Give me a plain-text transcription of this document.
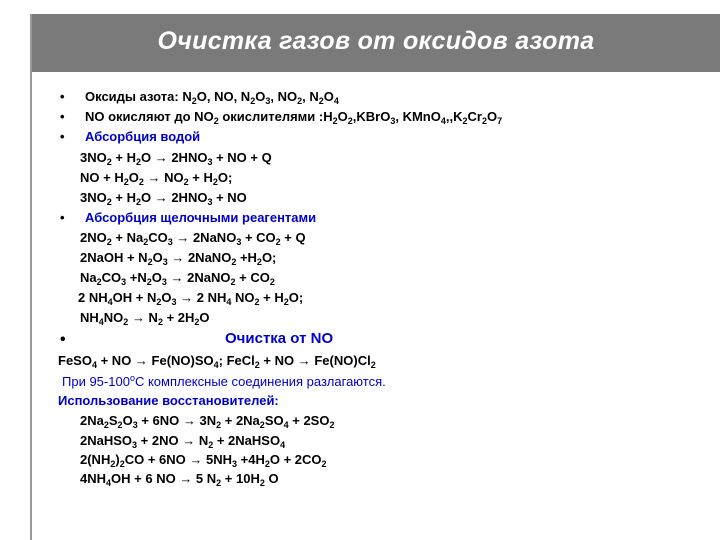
Очистка газов от оксидов азота
• Оксиды азота: $N_2O$, NO, $N_2O_3$, $NO_2$, $N_2O_4$
• NO окисляют до $NO_2$ окислителями $:H_2O_2,KBrO_3$, $KMnO_4,,K_2Cr_2O_7$
• Абсорбция водой
$3NO_2 + H_2O \to 2HNO_3$ + NO + Q
NO + $H_2O_2 \to NO_2 + H_2O$;
$3NO_2 + H_2O \to 2HNO_3$ + NO
• Абсорбция щелочными реагентами
$2NO_2 + Na_2CO_3$ → 2NaNO$_3$ + $CO_2 + Q$
2NaOH + $N_2O_3$ → 2NaNO$_2$ $+H_2O$;
$Na_2CO_3 +N_2O_3$ → 2NaNO$_2$ + $CO_2$
2 $NH_4OH + N_2O_3 \to 2$ $NH_4$ $NO_2 + H_2O$;
$NH_4NO_2 \to N_2 + 2H_2O$
•	Очистка от NO
FeSO$_4$ + NO → $Fe(NO)SO_4$; FeCl$_2$ + NO → $Fe(NO)Cl_2$
При 95-100$^o$С комплексные соединения разлагаются.
Использование восстановителей:
$2Na_2S_2O_3 + 6NO \to 3N_2 + 2Na_2SO_4 + 2SO_2$
2NaHSO$_3$ + $2NO \to N_2$ + 2NaHSO$_4$
$2(NH_2)_2CO + 6NO \to 5NH_3 +4H_2O + 2CO_2$
$4NH_4OH + 6$ NO → 5 $N_2 + 10H_2$ O
